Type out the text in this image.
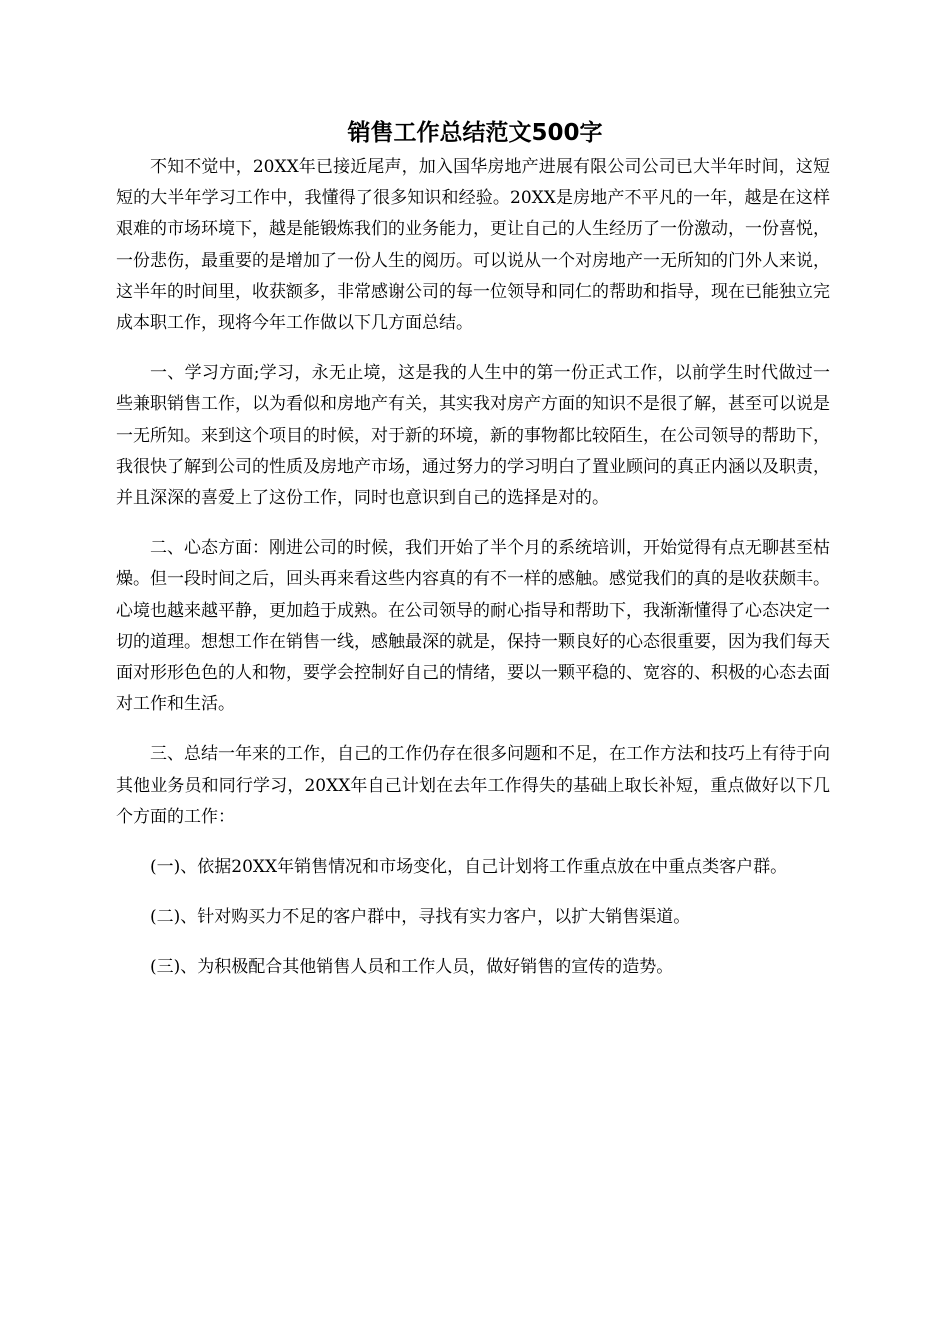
销售工作总结范文500字

不知不觉中，20XX年已接近尾声，加入国华房地产进展有限公司公司已大半年时间，这短短的大半年学习工作中，我懂得了很多知识和经验。20XX是房地产不平凡的一年，越是在这样艰难的市场环境下，越是能锻炼我们的业务能力，更让自己的人生经历了一份激动，一份喜悦，一份悲伤，最重要的是增加了一份人生的阅历。可以说从一个对房地产一无所知的门外人来说，这半年的时间里，收获额多，非常感谢公司的每一位领导和同仁的帮助和指导，现在已能独立完成本职工作，现将今年工作做以下几方面总结。

一、学习方面;学习，永无止境，这是我的人生中的第一份正式工作，以前学生时代做过一些兼职销售工作，以为看似和房地产有关，其实我对房产方面的知识不是很了解，甚至可以说是一无所知。来到这个项目的时候，对于新的环境，新的事物都比较陌生，在公司领导的帮助下，我很快了解到公司的性质及房地产市场，通过努力的学习明白了置业顾问的真正内涵以及职责，并且深深的喜爱上了这份工作，同时也意识到自己的选择是对的。

二、心态方面：刚进公司的时候，我们开始了半个月的系统培训，开始觉得有点无聊甚至枯燥。但一段时间之后，回头再来看这些内容真的有不一样的感触。感觉我们的真的是收获颇丰。心境也越来越平静，更加趋于成熟。在公司领导的耐心指导和帮助下，我渐渐懂得了心态决定一切的道理。想想工作在销售一线，感触最深的就是，保持一颗良好的心态很重要，因为我们每天面对形形色色的人和物，要学会控制好自己的情绪，要以一颗平稳的、宽容的、积极的心态去面对工作和生活。

三、总结一年来的工作，自己的工作仍存在很多问题和不足，在工作方法和技巧上有待于向其他业务员和同行学习，20XX年自己计划在去年工作得失的基础上取长补短，重点做好以下几个方面的工作：

(一)、依据20XX年销售情况和市场变化，自己计划将工作重点放在中重点类客户群。

(二)、针对购买力不足的客户群中，寻找有实力客户，以扩大销售渠道。

(三)、为积极配合其他销售人员和工作人员，做好销售的宣传的造势。
